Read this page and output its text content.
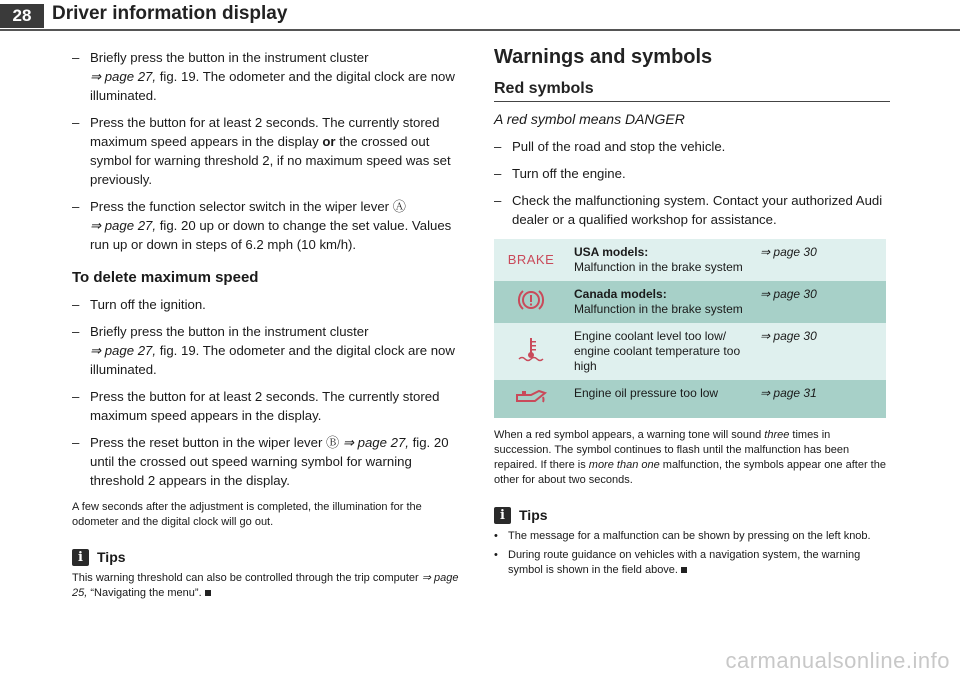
28	Driver information display
– Briefly press the button in the instrument cluster
⇒ page 27, fig. 19. The odometer and the digital clock are now illuminated.
– Press the button for at least 2 seconds. The currently stored maximum speed appears in the display or the crossed out symbol for warning threshold 2, if no maximum speed was set previously.
– Press the function selector switch in the wiper lever Ⓐ
⇒ page 27, fig. 20 up or down to change the set value. Values run up or down in steps of 6.2 mph (10 km/h).
To delete maximum speed
– Turn off the ignition.
– Briefly press the button in the instrument cluster
⇒ page 27, fig. 19. The odometer and the digital clock are now illuminated.
– Press the button for at least 2 seconds. The currently stored maximum speed appears in the display.
– Press the reset button in the wiper lever Ⓑ ⇒ page 27, fig. 20 until the crossed out speed warning symbol for warning threshold 2 appears in the display.

A few seconds after the adjustment is completed, the illumination for the odometer and the digital clock will go out.

i	Tips

This warning threshold can also be controlled through the trip computer ⇒ page 25, “Navigating the menu”.

Warnings and symbols
Red symbols
A red symbol means DANGER
– Pull of the road and stop the vehicle.
– Turn off the engine.
– Check the malfunctioning system. Contact your authorized Audi dealer or a qualified workshop for assistance.
BRAKE	USA models:
Malfunction in the brake system	⇒ page 30
	Canada models:
Malfunction in the brake system	⇒ page 30
	Engine coolant level too low/ engine coolant temperature too high	⇒ page 30
	Engine oil pressure too low	⇒ page 31

When a red symbol appears, a warning tone will sound three times in succession. The symbol continues to flash until the malfunction has been repaired. If there is more than one malfunction, the symbols appear one after the other for about two seconds.

i	Tips
• The message for a malfunction can be shown by pressing on the left knob.
• During route guidance on vehicles with a navigation system, the warning symbol is shown in the field above.
carmanualsonline.info
